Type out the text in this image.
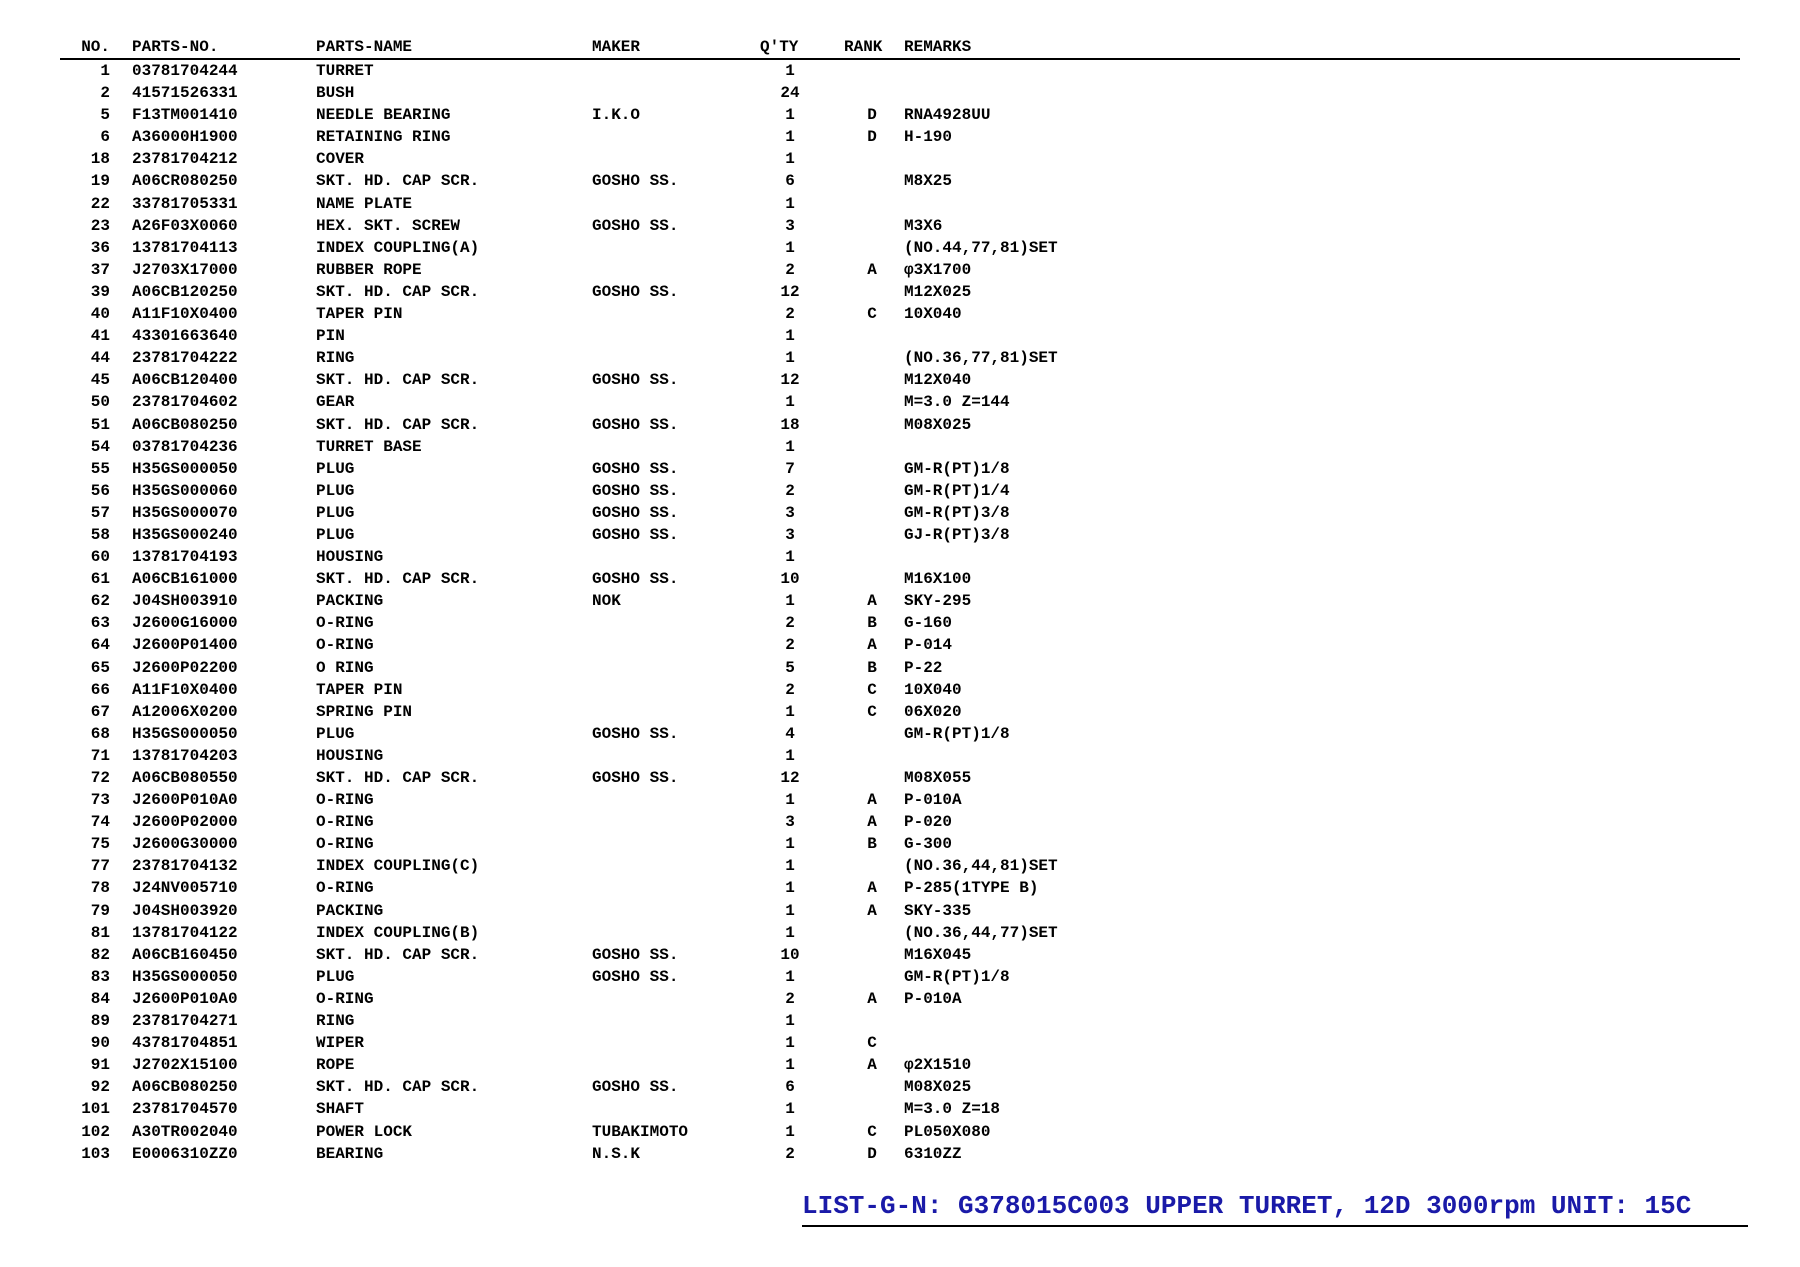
NO. PARTS-NO.	PARTS-NAME	MAKER	Q'TY	RANK REMARKS
1 03781704244	TURRET	1
2 41571526331	BUSH	24
5 F13TM001410	NEEDLE BEARING	I.K.O	1	D	RNA4928UU
6 A36000H1900	RETAINING RING	1	D	H-190
18 23781704212	COVER	1
19 A06CR080250	SKT. HD. CAP SCR.	GOSHO SS.	6	M8X25
22 33781705331	NAME PLATE	1
23 A26F03X0060	HEX. SKT. SCREW	GOSHO SS.	3	M3X6
36 13781704113	INDEX COUPLING(A)	1	(NO.44,77,81)SET
37 J2703X17000	RUBBER ROPE	2	A	φ3X1700
39 A06CB120250	SKT. HD. CAP SCR.	GOSHO SS.	12	M12X025
40 A11F10X0400	TAPER PIN	2	C	10X040
41 43301663640	PIN	1
44 23781704222	RING	1	(NO.36,77,81)SET
45 A06CB120400	SKT. HD. CAP SCR.	GOSHO SS.	12	M12X040
50 23781704602	GEAR	1	M=3.0 Z=144
51 A06CB080250	SKT. HD. CAP SCR.	GOSHO SS.	18	M08X025
54 03781704236	TURRET BASE	1
55 H35GS000050	PLUG	GOSHO SS.	7	GM-R(PT)1/8
56 H35GS000060	PLUG	GOSHO SS.	2	GM-R(PT)1/4
57 H35GS000070	PLUG	GOSHO SS.	3	GM-R(PT)3/8
58 H35GS000240	PLUG	GOSHO SS.	3	GJ-R(PT)3/8
60 13781704193	HOUSING	1
61 A06CB161000	SKT. HD. CAP SCR.	GOSHO SS.	10	M16X100
62 J04SH003910	PACKING	NOK	1	A	SKY-295
63 J2600G16000	O-RING	2	B	G-160
64 J2600P01400	O-RING	2	A	P-014
65 J2600P02200	O RING	5	B	P-22
66 A11F10X0400	TAPER PIN	2	C	10X040
67 A12006X0200	SPRING PIN	1	C	06X020
68 H35GS000050	PLUG	GOSHO SS.	4	GM-R(PT)1/8
71 13781704203	HOUSING	1
72 A06CB080550	SKT. HD. CAP SCR.	GOSHO SS.	12	M08X055
73 J2600P010A0	O-RING	1	A	P-010A
74 J2600P02000	O-RING	3	A	P-020
75 J2600G30000	O-RING	1	B	G-300
77 23781704132	INDEX COUPLING(C)	1	(NO.36,44,81)SET
78 J24NV005710	O-RING	1	A	P-285(1TYPE B)
79 J04SH003920	PACKING	1	A	SKY-335
81 13781704122	INDEX COUPLING(B)	1	(NO.36,44,77)SET
82 A06CB160450	SKT. HD. CAP SCR.	GOSHO SS.	10	M16X045
83 H35GS000050	PLUG	GOSHO SS.	1	GM-R(PT)1/8
84 J2600P010A0	O-RING	2	A	P-010A
89 23781704271	RING	1
90 43781704851	WIPER	1	C
91 J2702X15100	ROPE	1	A	φ2X1510
92 A06CB080250	SKT. HD. CAP SCR.	GOSHO SS.	6	M08X025
101 23781704570	SHAFT	1	M=3.0 Z=18
102 A30TR002040	POWER LOCK	TUBAKIMOTO	1	C	PL050X080
103 E0006310ZZ0	BEARING	N.S.K	2	D	6310ZZ
LIST-G-N: G378015C003 UPPER TURRET, 12D 3000rpm UNIT: 15C
